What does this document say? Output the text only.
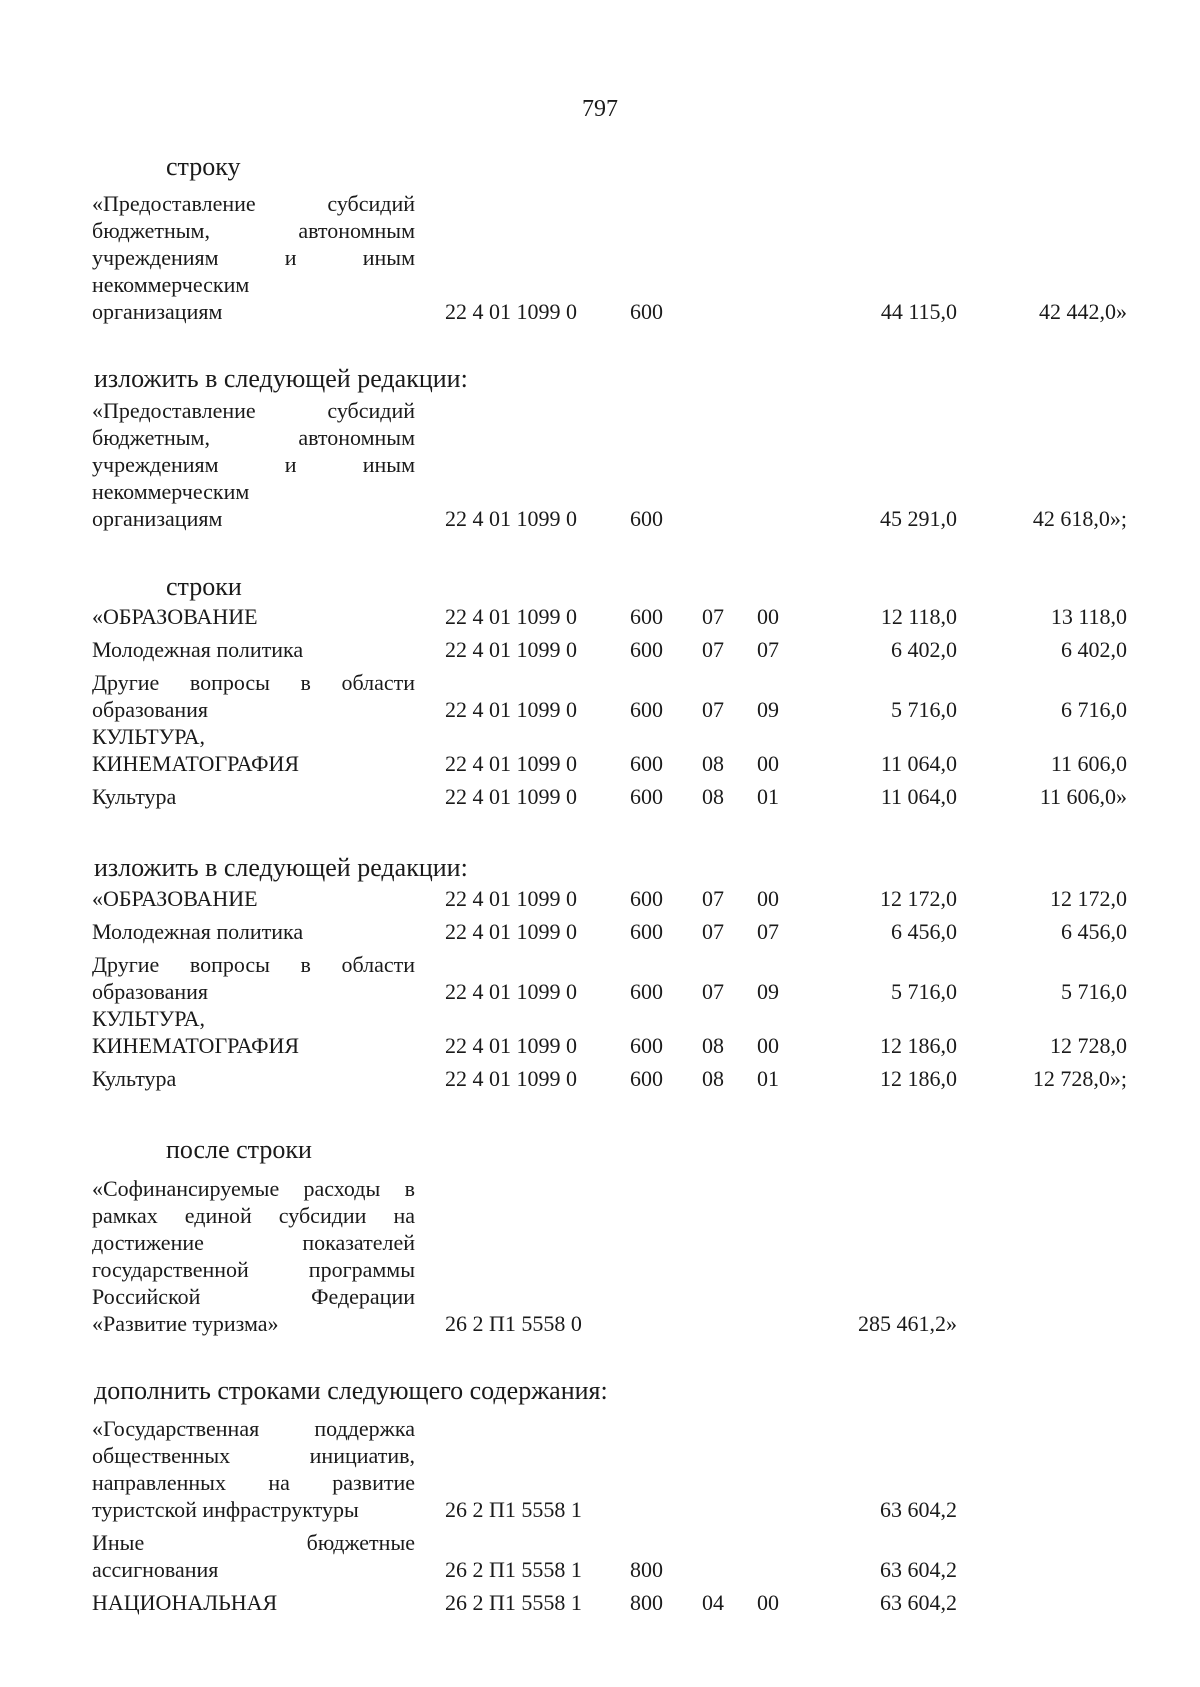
797
строку
«Предоставление субсидий
бюджетным, автономным
учреждениям и иным
некоммерческим
организациям	22 4 01 1099 0 600	44 115,0	42 442,0»
изложить в следующей редакции:
«Предоставление субсидий
бюджетным, автономным
учреждениям и иным
некоммерческим
организациям	22 4 01 1099 0 600	45 291,0	42 618,0»;
строки
«ОБРАЗОВАНИЕ	22 4 01 1099 0 600 07 00	12 118,0	13 118,0
Молодежная политика	22 4 01 1099 0 600 07 07	6 402,0	6 402,0
Другие вопросы в области
образования	22 4 01 1099 0 600 07 09	5 716,0	6 716,0
КУЛЬТУРА,
КИНЕМАТОГРАФИЯ	22 4 01 1099 0 600 08 00	11 064,0	11 606,0
Культура	22 4 01 1099 0 600 08 01	11 064,0	11 606,0»
изложить в следующей редакции:
«ОБРАЗОВАНИЕ	22 4 01 1099 0 600 07 00	12 172,0	12 172,0
Молодежная политика	22 4 01 1099 0 600 07 07	6 456,0	6 456,0
Другие вопросы в области
образования	22 4 01 1099 0 600 07 09	5 716,0	5 716,0
КУЛЬТУРА,
КИНЕМАТОГРАФИЯ	22 4 01 1099 0 600 08 00	12 186,0	12 728,0
Культура	22 4 01 1099 0 600 08 01	12 186,0	12 728,0»;
после строки
«Софинансируемые расходы в
рамках единой субсидии на
достижение показателей
государственной программы
Российской Федерации
«Развитие туризма»	26 2 П1 5558 0	285 461,2»
дополнить строками следующего содержания:
«Государственная поддержка
общественных инициатив,
направленных на развитие
туристской инфраструктуры	26 2 П1 5558 1	63 604,2
Иные бюджетные
ассигнования	26 2 П1 5558 1 800	63 604,2
НАЦИОНАЛЬНАЯ	26 2 П1 5558 1 800 04 00	63 604,2
